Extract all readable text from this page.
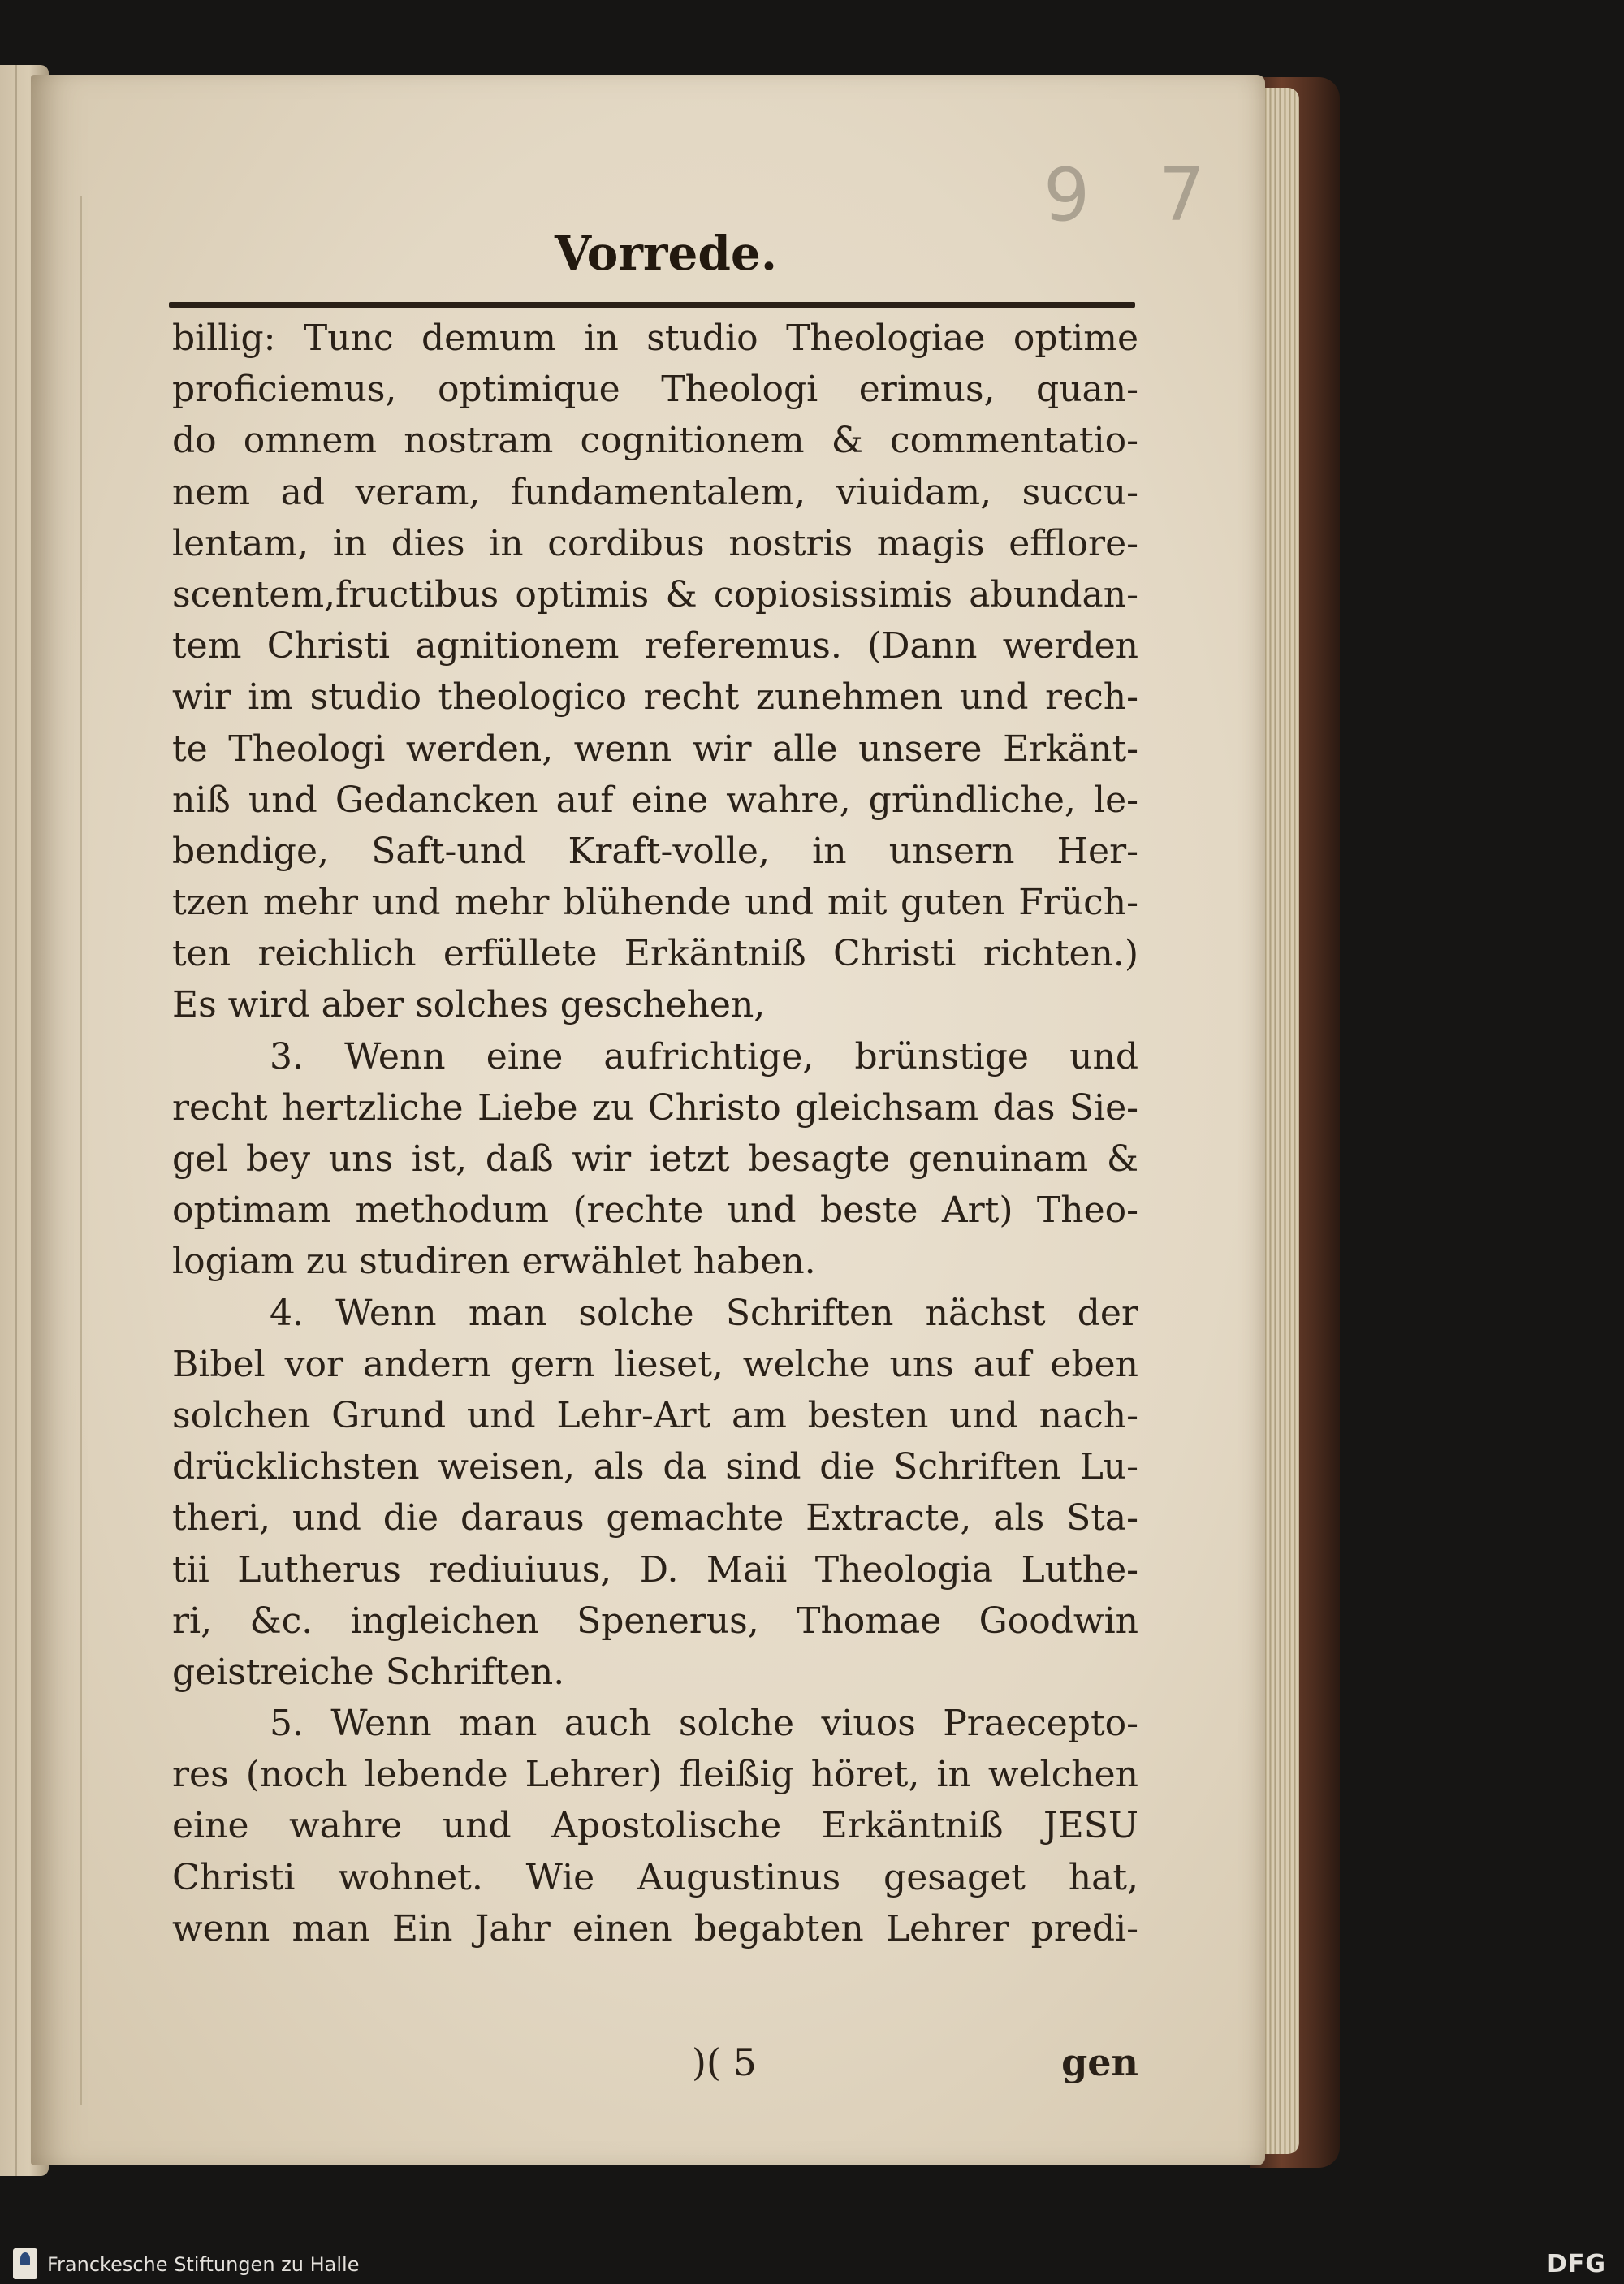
9 7
Vorrede.
billig: Tunc demum in studio Theologiae optime
proficiemus, optimique Theologi erimus, quan-
do omnem nostram cognitionem & commentatio-
nem ad veram, fundamentalem, viuidam, succu-
lentam, in dies in cordibus nostris magis efflore-
scentem,fructibus optimis & copiosissimis abundan-
tem Christi agnitionem referemus. (Dann werden
wir im studio theologico recht zunehmen und rech-
te Theologi werden, wenn wir alle unsere Erkänt-
niß und Gedancken auf eine wahre, gründliche, le-
bendige, Saft-und Kraft-volle, in unsern Her-
tzen mehr und mehr blühende und mit guten Früch-
ten reichlich erfüllete Erkäntniß Christi richten.)
Es wird aber solches geschehen,
3. Wenn eine aufrichtige, brünstige und
recht hertzliche Liebe zu Christo gleichsam das Sie-
gel bey uns ist, daß wir ietzt besagte genuinam &
optimam methodum (rechte und beste Art) Theo-
logiam zu studiren erwählet haben.
4. Wenn man solche Schriften nächst der
Bibel vor andern gern lieset, welche uns auf eben
solchen Grund und Lehr-Art am besten und nach-
drücklichsten weisen, als da sind die Schriften Lu-
theri, und die daraus gemachte Extracte, als Sta-
tii Lutherus rediuiuus, D. Maii Theologia Luthe-
ri, &c. ingleichen Spenerus, Thomae Goodwin
geistreiche Schriften.
5. Wenn man auch solche viuos Praecepto-
res (noch lebende Lehrer) fleißig höret, in welchen
eine wahre und Apostolische Erkäntniß JESU
Christi wohnet. Wie Augustinus gesaget hat,
wenn man Ein Jahr einen begabten Lehrer predi-
)( 5	gen
Franckesche Stiftungen zu Halle	DFG
